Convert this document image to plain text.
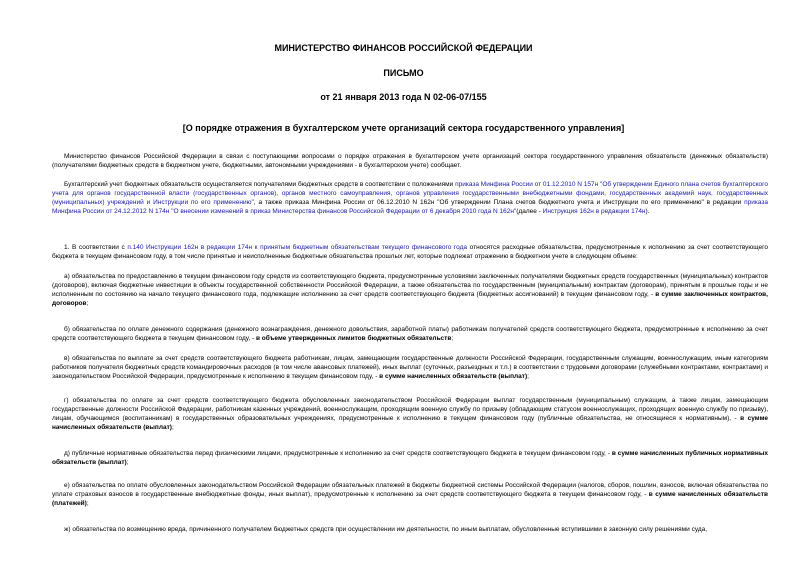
МИНИСТЕРСТВО ФИНАНСОВ РОССИЙСКОЙ ФЕДЕРАЦИИ
ПИСЬМО
от 21 января 2013 года N 02-06-07/155
[О порядке отражения в бухгалтерском учете организаций сектора государственного управления]

Министерство финансов Российской Федерации в связи с поступающими вопросами о порядке отражения в бухгалтерском учете организаций сектора государственного управления обязательств (денежных обязательств) (получателями бюджетных средств в бюджетном учете, бюджетными, автономными учреждениями - в бухгалтерском учете) сообщает.

Бухгалтерский учет бюджетных обязательств осуществляется получателями бюджетных средств в соответствии с положениями приказа Минфина России от 01.12.2010 N 157н "Об утверждении Единого плана счетов бухгалтерского учета для органов государственной власти (государственных органов), органов местного самоуправления, органов управления государственными внебюджетными фондами, государственных академий наук, государственных (муниципальных) учреждений и Инструкции по его применению", а также приказа Минфина России от 06.12.2010 N 162н "Об утверждении Плана счетов бюджетного учета и Инструкции по его применению" в редакции приказа Минфина России от 24.12.2012 N 174н "О внесении изменений в приказ Министерства финансов Российской Федерации от 6 декабря 2010 года N 162н"(далее - Инструкция 162н в редакции 174н).

1. В соответствии с п.140 Инструкции 162н в редакции 174н к принятым бюджетным обязательствам текущего финансового года относятся расходные обязательства, предусмотренные к исполнению за счет соответствующего бюджета в текущем финансовом году, в том числе принятые и неисполненные бюджетные обязательства прошлых лет, которые подлежат отражению в бюджетном учете в следующем объеме:

а) обязательства по предоставлению в текущем финансовом году средств из соответствующего бюджета, предусмотренные условиями заключенных получателями бюджетных средств государственных (муниципальных) контрактов (договоров), включая бюджетные инвестиции в объекты государственной собственности Российской Федерации, а также обязательства по государственным (муниципальным) контрактам (договорам), принятым в прошлые годы и не исполненным по состоянию на начало текущего финансового года, подлежащие исполнению за счет средств соответствующего бюджета (бюджетных ассигнований) в текущем финансовом году, - в сумме заключенных контрактов, договоров;

б) обязательства по оплате денежного содержания (денежного вознаграждения, денежного довольствия, заработной платы) работникам получателей средств соответствующего бюджета, предусмотренные к исполнению за счет средств соответствующего бюджета в текущем финансовом году, - в объеме утвержденных лимитов бюджетных обязательств;

в) обязательства по выплате за счет средств соответствующего бюджета работникам, лицам, замещающим государственные должности Российской Федерации, государственным служащим, военнослужащим, иным категориям работников получателя бюджетных средств командировочных расходов (в том числе авансовых платежей), иных выплат (суточных, разъездных и т.п.) в соответствии с трудовыми договорами (служебными контрактами, контрактами) и законодательством Российской Федерации, предусмотренные к исполнению в текущем финансовом году, - в сумме начисленных обязательств (выплат);

г) обязательства по оплате за счет средств соответствующего бюджета обусловленных законодательством Российской Федерации выплат государственным (муниципальным) служащим, а также лицам, замещающим государственные должности Российской Федерации, работникам казенных учреждений, военнослужащим, проходящим военную службу по призыву (обладающим статусом военнослужащих, проходящих военную службу по призыву), лицам, обучающимся (воспитанникам) в государственных образовательных учреждениях, предусмотренные к исполнению в текущем финансовом году (публичные обязательства, не относящиеся к нормативным), - в сумме начисленных обязательств (выплат);

д) публичные нормативные обязательства перед физическими лицами, предусмотренные к исполнению за счет средств соответствующего бюджета в текущем финансовом году, - в сумме начисленных публичных нормативных обязательств (выплат);

е) обязательства по оплате обусловленных законодательством Российской Федерации обязательных платежей в бюджеты бюджетной системы Российской Федерации (налогов, сборов, пошлин, взносов, включая обязательства по уплате страховых взносов в государственные внебюджетные фонды, иных выплат), предусмотренные к исполнению за счет средств соответствующего бюджета в текущем финансовом году, - в сумме начисленных обязательств (платежей);

ж) обязательства по возмещению вреда, причиненного получателем бюджетных средств при осуществлении им деятельности, по иным выплатам, обусловленные вступившими в законную силу решениями суда,
